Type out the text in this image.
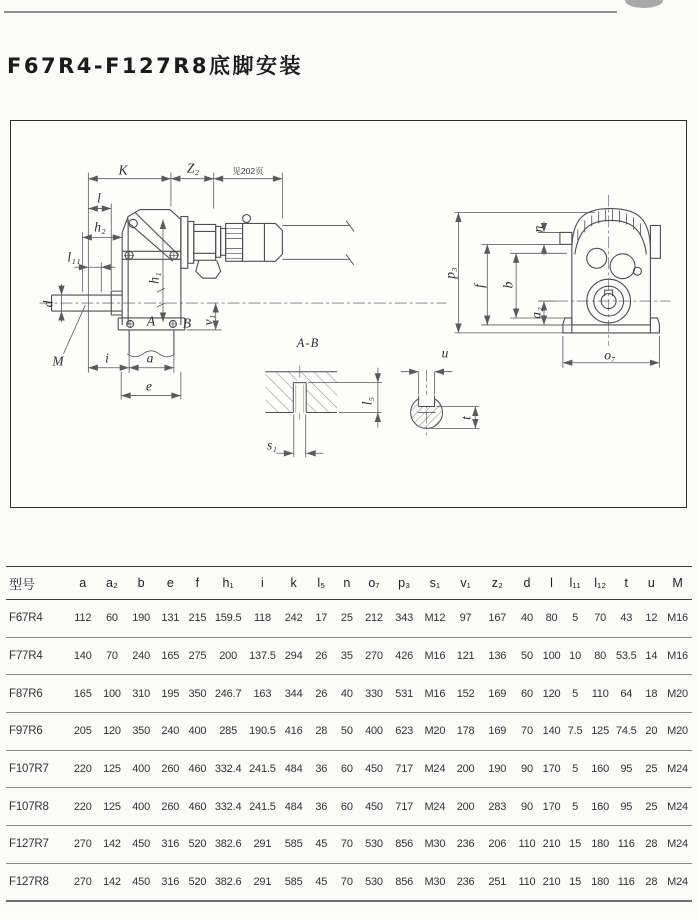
F67R4-F127R8底脚安装
K	Z₂	见202页
l
h₂
l₁₁
d
M
h₁
A B v₁
i	a
e
A-B
s₁
l₅
u
t
p₃
f b
n
a₂
o₇
型号	a	a₂	b	e	f	h₁	i	k	l₅	n	o₇	p₃	s₁	v₁	z₂	d	l	l₁₁	l₁₂	t	u	M
F67R4	112	60	190	131	215	159.5	118	242	17	25	212	343	M12	97	167	40	80	5	70	43	12	M16
F77R4	140	70	240	165	275	200	137.5	294	26	35	270	426	M16	121	136	50	100	10	80	53.5	14	M16
F87R6	165	100	310	195	350	246.7	163	344	26	40	330	531	M16	152	169	60	120	5	110	64	18	M20
F97R6	205	120	350	240	400	285	190.5	416	28	50	400	623	M20	178	169	70	140	7.5	125	74.5	20	M20
F107R7	220	125	400	260	460	332.4	241.5	484	36	60	450	717	M24	200	190	90	170	5	160	95	25	M24
F107R8	220	125	400	260	460	332.4	241.5	484	36	60	450	717	M24	200	283	90	170	5	160	95	25	M24
F127R7	270	142	450	316	520	382.6	291	585	45	70	530	856	M30	236	206	110	210	15	180	116	28	M24
F127R8	270	142	450	316	520	382.6	291	585	45	70	530	856	M30	236	251	110	210	15	180	116	28	M24
